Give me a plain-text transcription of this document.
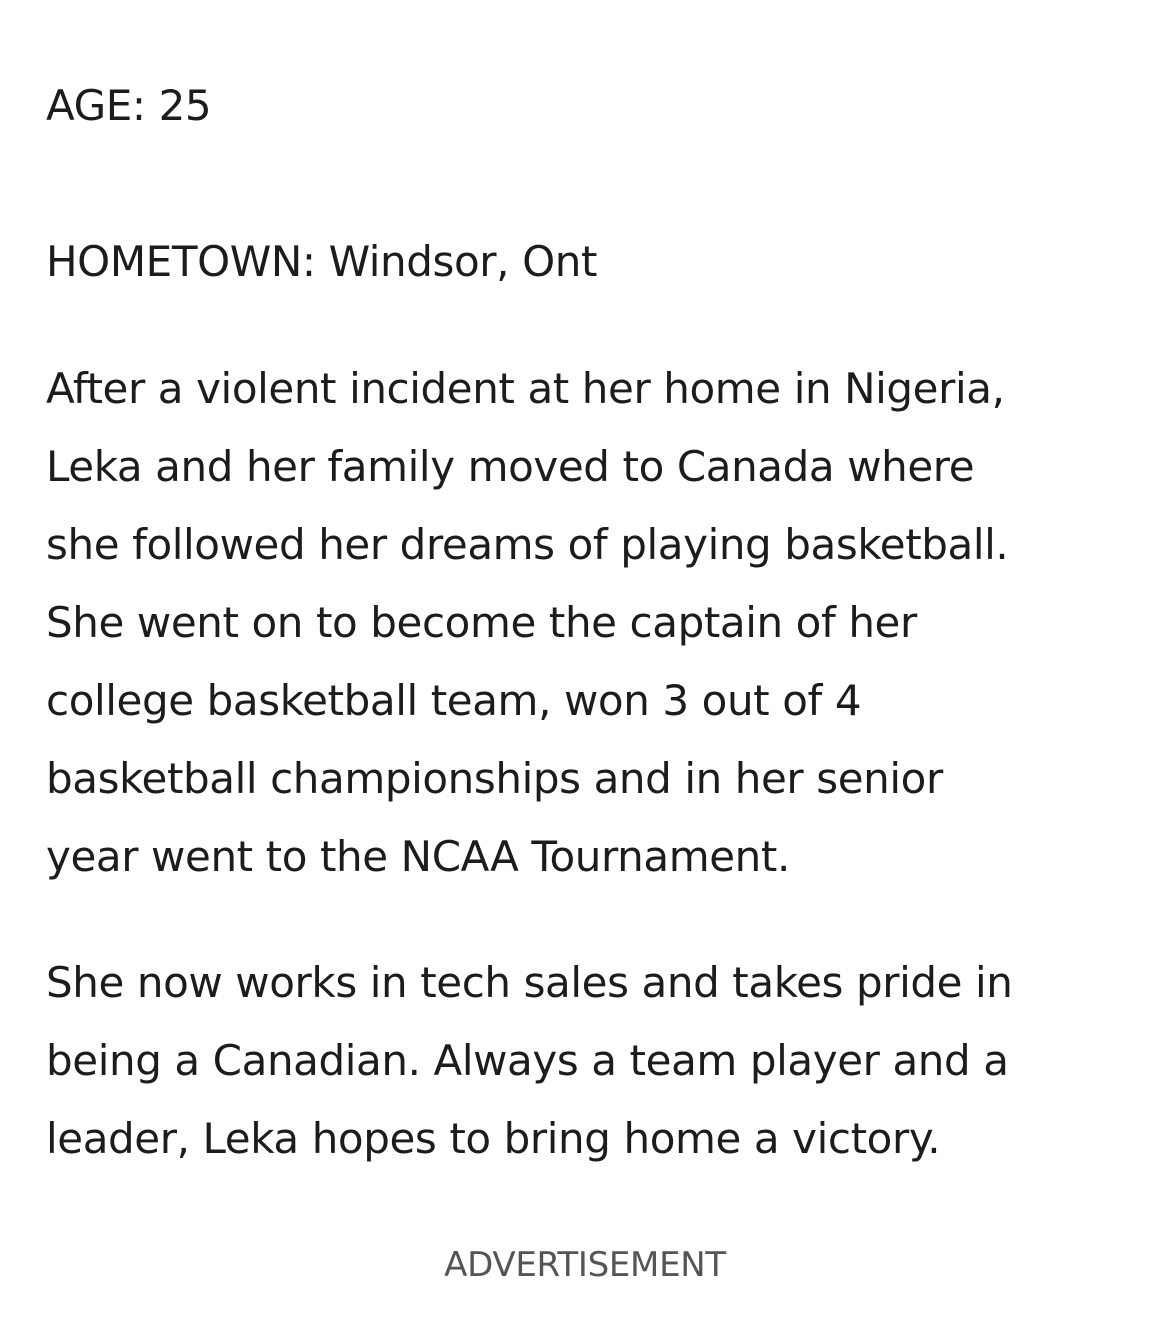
AGE: 25

HOMETOWN: Windsor, Ont

After a violent incident at her home in Nigeria,
Leka and her family moved to Canada where
she followed her dreams of playing basketball.
She went on to become the captain of her
college basketball team, won 3 out of 4
basketball championships and in her senior
year went to the NCAA Tournament.

She now works in tech sales and takes pride in
being a Canadian. Always a team player and a
leader, Leka hopes to bring home a victory.

ADVERTISEMENT
